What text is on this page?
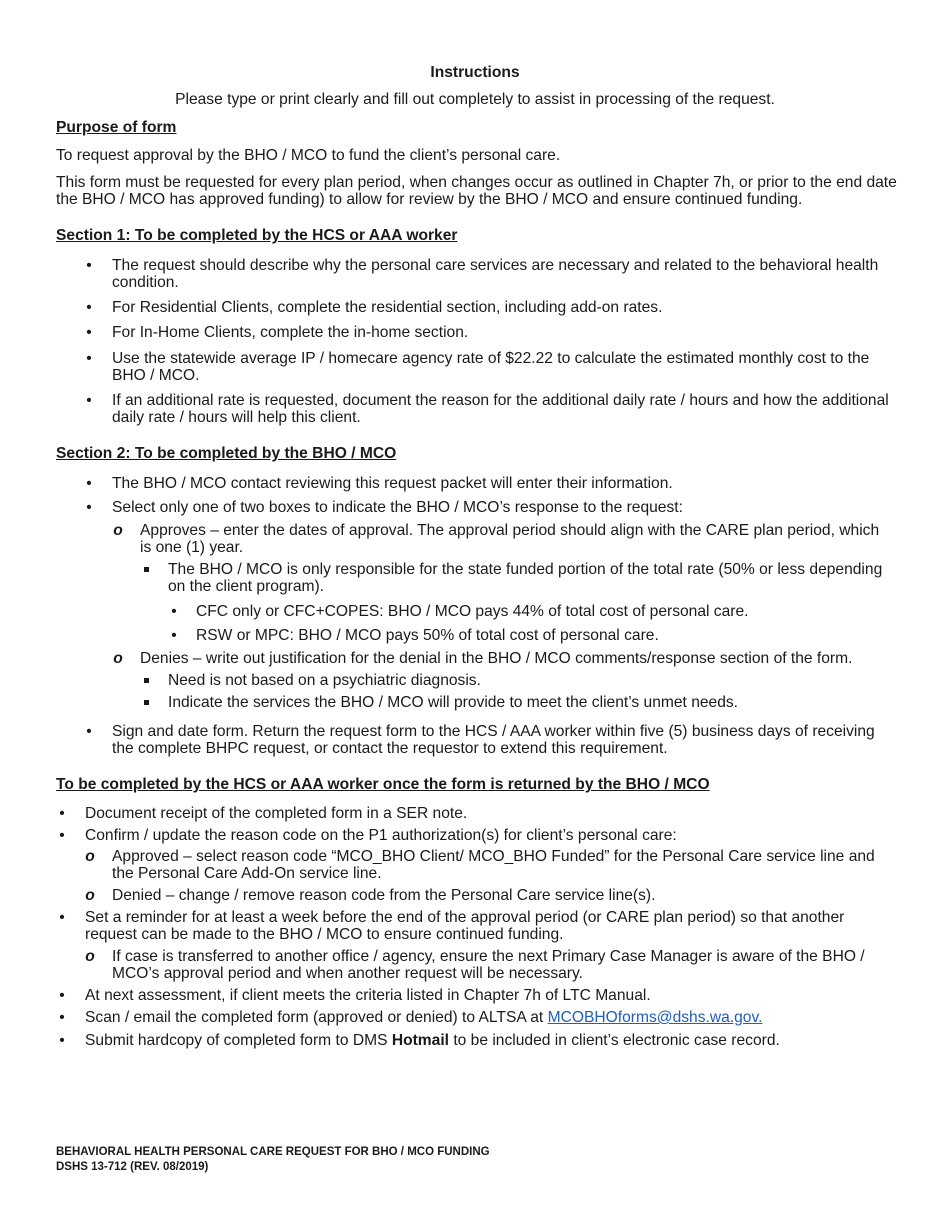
Instructions
Please type or print clearly and fill out completely to assist in processing of the request.
Purpose of form
To request approval by the BHO / MCO to fund the client’s personal care.
This form must be requested for every plan period, when changes occur as outlined in Chapter 7h, or prior to the end date
the BHO / MCO has approved funding) to allow for review by the BHO / MCO and ensure continued funding.
Section 1: To be completed by the HCS or AAA worker
• The request should describe why the personal care services are necessary and related to the behavioral health
condition.
• For Residential Clients, complete the residential section, including add-on rates.
• For In-Home Clients, complete the in-home section.
• Use the statewide average IP / homecare agency rate of $22.22 to calculate the estimated monthly cost to the
BHO / MCO.
• If an additional rate is requested, document the reason for the additional daily rate / hours and how the additional
daily rate / hours will help this client.
Section 2: To be completed by the BHO / MCO
• The BHO / MCO contact reviewing this request packet will enter their information.
• Select only one of two boxes to indicate the BHO / MCO’s response to the request:
o Approves – enter the dates of approval. The approval period should align with the CARE plan period, which
is one (1) year.
The BHO / MCO is only responsible for the state funded portion of the total rate (50% or less depending
on the client program).
• CFC only or CFC+COPES: BHO / MCO pays 44% of total cost of personal care.
• RSW or MPC: BHO / MCO pays 50% of total cost of personal care.
o Denies – write out justification for the denial in the BHO / MCO comments/response section of the form.
Need is not based on a psychiatric diagnosis.
Indicate the services the BHO / MCO will provide to meet the client’s unmet needs.
• Sign and date form. Return the request form to the HCS / AAA worker within five (5) business days of receiving
the complete BHPC request, or contact the requestor to extend this requirement.
To be completed by the HCS or AAA worker once the form is returned by the BHO / MCO
• Document receipt of the completed form in a SER note.
• Confirm / update the reason code on the P1 authorization(s) for client’s personal care:
o Approved – select reason code “MCO_BHO Client/ MCO_BHO Funded” for the Personal Care service line and
the Personal Care Add-On service line.
o Denied – change / remove reason code from the Personal Care service line(s).
• Set a reminder for at least a week before the end of the approval period (or CARE plan period) so that another
request can be made to the BHO / MCO to ensure continued funding.
o If case is transferred to another office / agency, ensure the next Primary Case Manager is aware of the BHO /
MCO’s approval period and when another request will be necessary.
• At next assessment, if client meets the criteria listed in Chapter 7h of LTC Manual.
• Scan / email the completed form (approved or denied) to ALTSA at MCOBHOforms@dshs.wa.gov.
• Submit hardcopy of completed form to DMS Hotmail to be included in client’s electronic case record.
BEHAVIORAL HEALTH PERSONAL CARE REQUEST FOR BHO / MCO FUNDING
DSHS 13-712 (REV. 08/2019)
